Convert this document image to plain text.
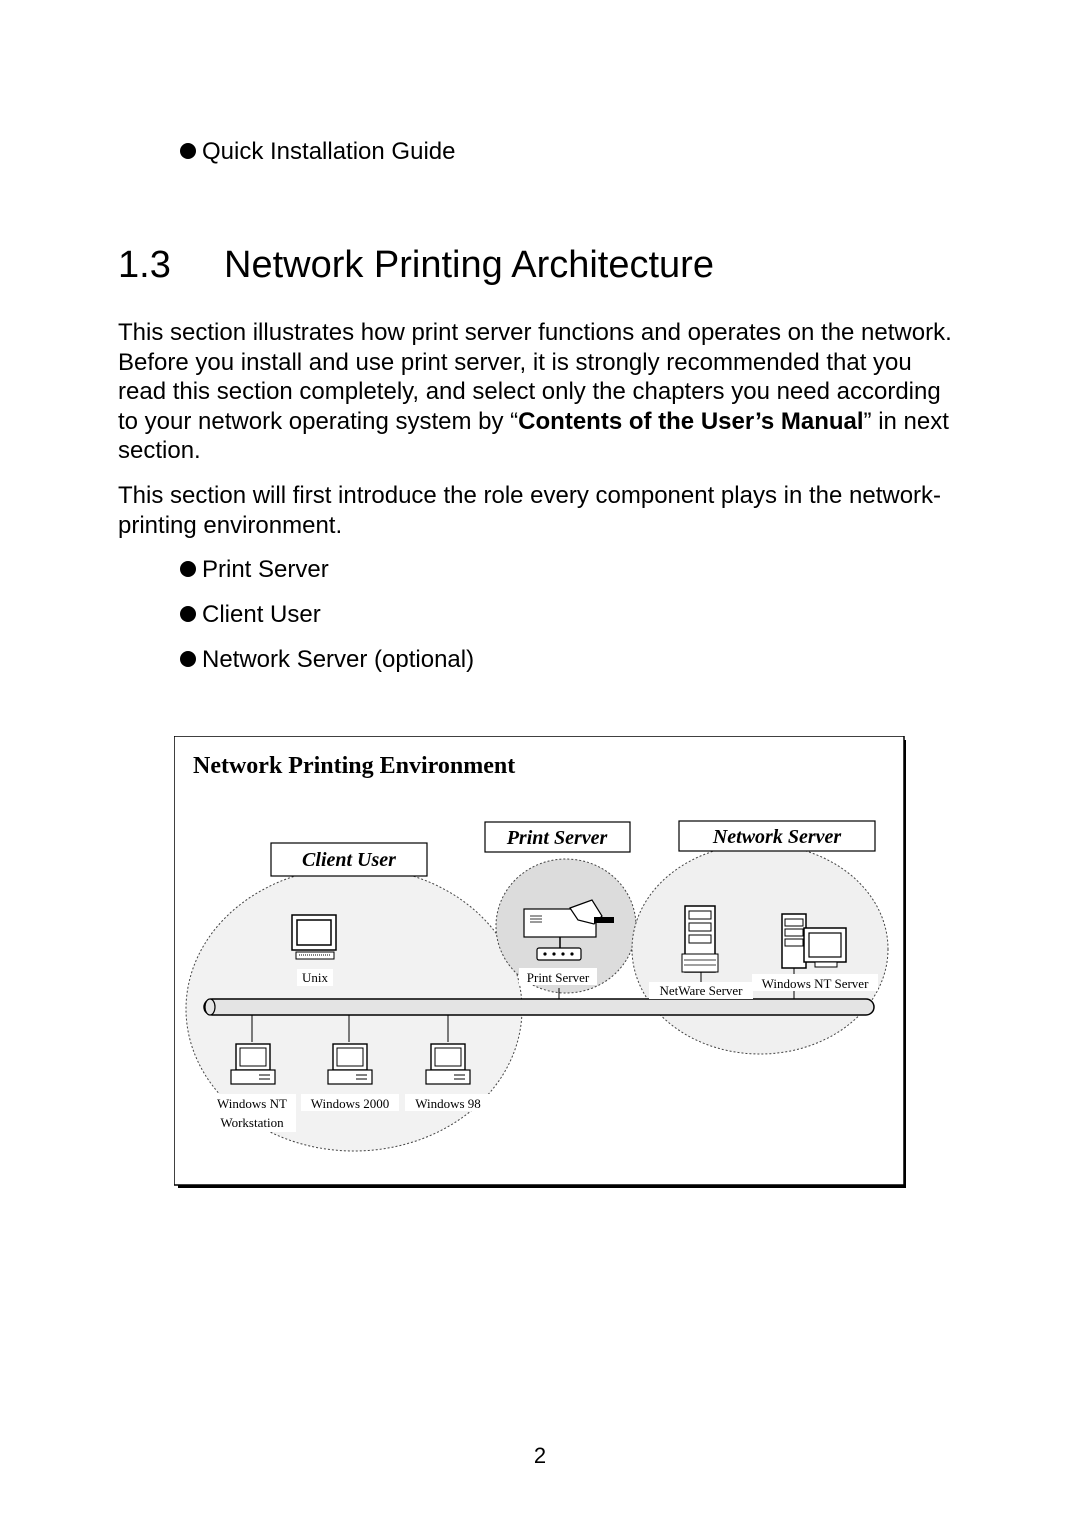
Quick Installation Guide
1.3 Network Printing Architecture
This section illustrates how print server functions and operates on the network. Before you install and use print server, it is strongly recommended that you read this section completely, and select only the chapters you need according to your network operating system by “Contents of the User’s Manual” in next section.
This section will first introduce the role every component plays in the network-printing environment.
Print Server
Client User
Network Server (optional)
Network Printing Environment
Print Server	Network Server
Client User
Unix	Print Server
NetWare Server Windows NT Server
Windows NT
Workstation
Windows 2000 Windows 98
2
